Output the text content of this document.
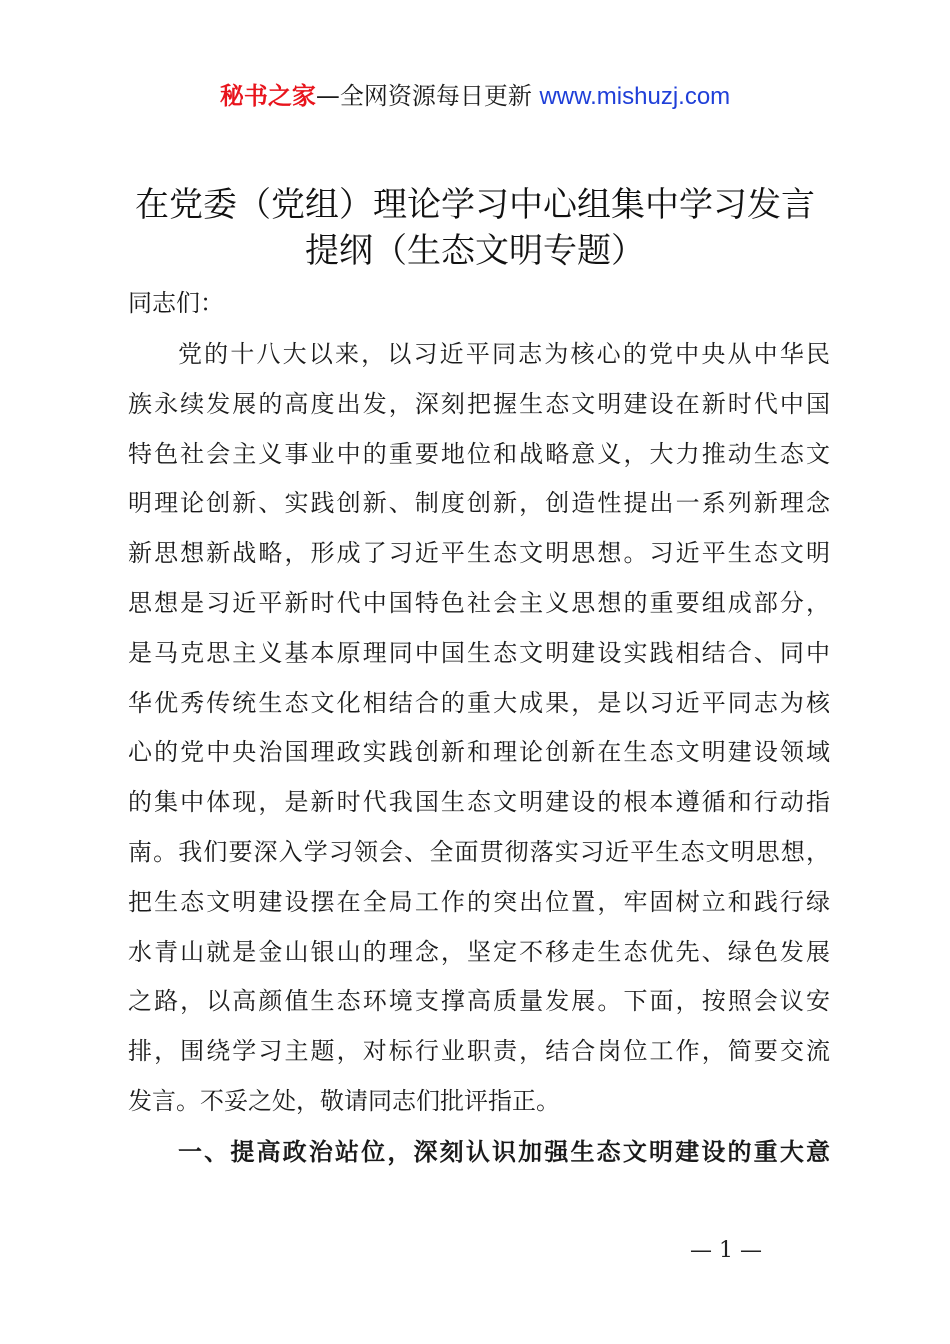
秘书之家—全网资源每日更新 www.mishuzj.com
在党委（党组）理论学习中心组集中学习发言
提纲（生态文明专题）
同志们：
党的十八大以来，以习近平同志为核心的党中央从中华民
族永续发展的高度出发，深刻把握生态文明建设在新时代中国
特色社会主义事业中的重要地位和战略意义，大力推动生态文
明理论创新、实践创新、制度创新，创造性提出一系列新理念
新思想新战略，形成了习近平生态文明思想。习近平生态文明
思想是习近平新时代中国特色社会主义思想的重要组成部分，
是马克思主义基本原理同中国生态文明建设实践相结合、同中
华优秀传统生态文化相结合的重大成果，是以习近平同志为核
心的党中央治国理政实践创新和理论创新在生态文明建设领域
的集中体现，是新时代我国生态文明建设的根本遵循和行动指
南。我们要深入学习领会、全面贯彻落实习近平生态文明思想，
把生态文明建设摆在全局工作的突出位置，牢固树立和践行绿
水青山就是金山银山的理念，坚定不移走生态优先、绿色发展
之路，以高颜值生态环境支撑高质量发展。下面，按照会议安
排，围绕学习主题，对标行业职责，结合岗位工作，简要交流
发言。不妥之处，敬请同志们批评指正。
一、提高政治站位，深刻认识加强生态文明建设的重大意
— 1 —
